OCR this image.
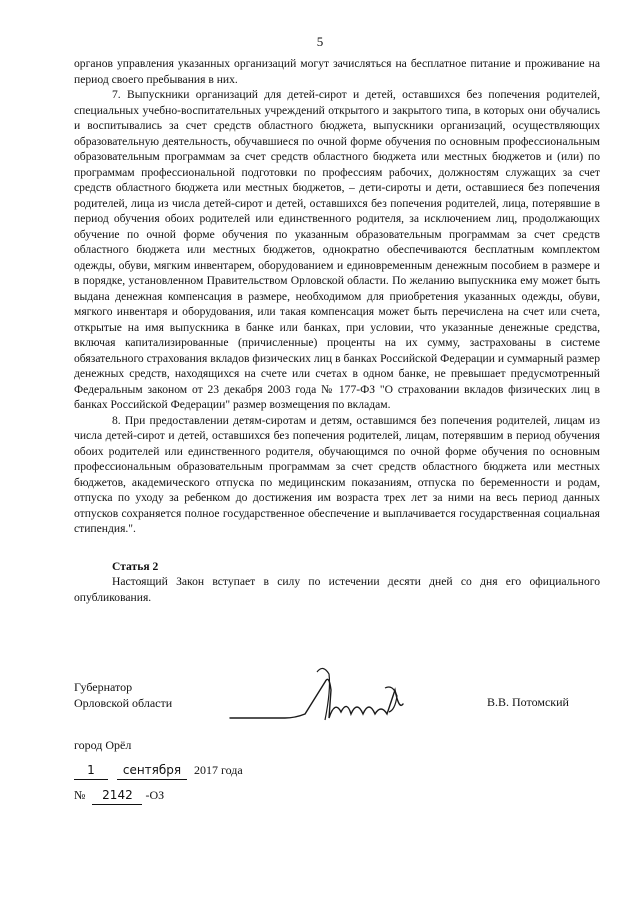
5

органов управления указанных организаций могут зачисляться на бесплатное питание и проживание на период своего пребывания в них.

7. Выпускники организаций для детей-сирот и детей, оставшихся без попечения родителей, специальных учебно-воспитательных учреждений открытого и закрытого типа, в которых они обучались и воспитывались за счет средств областного бюджета, выпускники организаций, осуществляющих образовательную деятельность, обучавшиеся по очной форме обучения по основным профессиональным образовательным программам за счет средств областного бюджета или местных бюджетов и (или) по программам профессиональной подготовки по профессиям рабочих, должностям служащих за счет средств областного бюджета или местных бюджетов, – дети-сироты и дети, оставшиеся без попечения родителей, лица из числа детей-сирот и детей, оставшихся без попечения родителей, лица, потерявшие в период обучения обоих родителей или единственного родителя, за исключением лиц, продолжающих обучение по очной форме обучения по указанным образовательным программам за счет средств областного бюджета или местных бюджетов, однократно обеспечиваются бесплатным комплектом одежды, обуви, мягким инвентарем, оборудованием и единовременным денежным пособием в размере и в порядке, установленном Правительством Орловской области. По желанию выпускника ему может быть выдана денежная компенсация в размере, необходимом для приобретения указанных одежды, обуви, мягкого инвентаря и оборудования, или такая компенсация может быть перечислена на счет или счета, открытые на имя выпускника в банке или банках, при условии, что указанные денежные средства, включая капитализированные (причисленные) проценты на их сумму, застрахованы в системе обязательного страхования вкладов физических лиц в банках Российской Федерации и суммарный размер денежных средств, находящихся на счете или счетах в одном банке, не превышает предусмотренный Федеральным законом от 23 декабря 2003 года № 177-ФЗ "О страховании вкладов физических лиц в банках Российской Федерации" размер возмещения по вкладам.

8. При предоставлении детям-сиротам и детям, оставшимся без попечения родителей, лицам из числа детей-сирот и детей, оставшихся без попечения родителей, лицам, потерявшим в период обучения обоих родителей или единственного родителя, обучающимся по очной форме обучения по основным профессиональным образовательным программам за счет средств областного бюджета или местных бюджетов, академического отпуска по медицинским показаниям, отпуска по беременности и родам, отпуска по уходу за ребенком до достижения им возраста трех лет за ними на весь период данных отпусков сохраняется полное государственное обеспечение и выплачивается государственная социальная стипендия.".

Статья 2

Настоящий Закон вступает в силу по истечении десяти дней со дня его официального опубликования.

Губернатор
Орловской области	В.В. Потомский
город Орёл
1 сентября 2017 года
№ 2142 -ОЗ
